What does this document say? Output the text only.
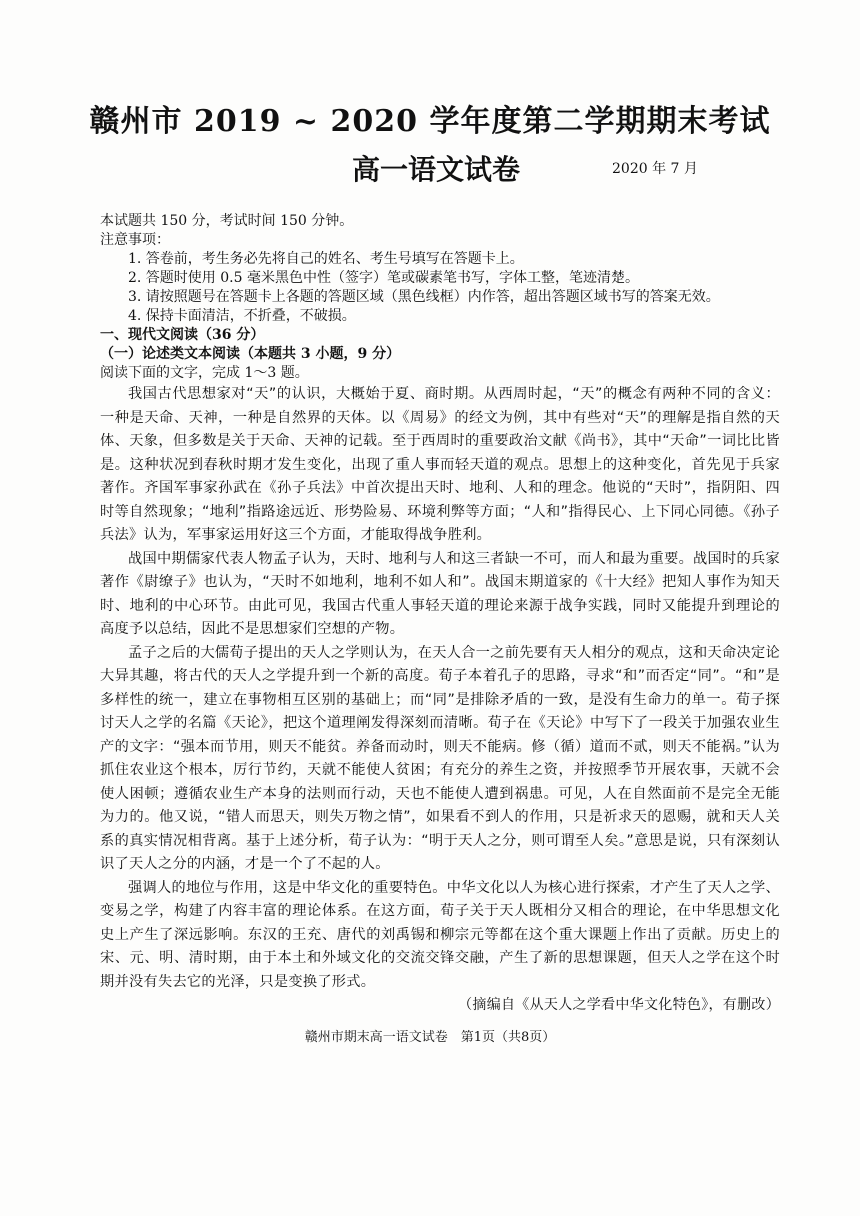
赣州市 2019 ~ 2020 学年度第二学期期末考试
高一语文试卷	2020 年 7 月

本试题共 150 分，考试时间 150 分钟。

注意事项：

1. 答卷前，考生务必先将自己的姓名、考生号填写在答题卡上。

2. 答题时使用 0.5 毫米黑色中性（签字）笔或碳素笔书写，字体工整，笔迹清楚。

3. 请按照题号在答题卡上各题的答题区域（黑色线框）内作答，超出答题区域书写的答案无效。

4. 保持卡面清洁，不折叠，不破损。

一、现代文阅读（36 分）

（一）论述类文本阅读（本题共 3 小题，9 分）

阅读下面的文字，完成 1～3 题。

我国古代思想家对“天”的认识，大概始于夏、商时期。从西周时起，“天”的概念有两种不同的含义：一种是天命、天神，一种是自然界的天体。以《周易》的经文为例，其中有些对“天”的理解是指自然的天体、天象，但多数是关于天命、天神的记载。至于西周时的重要政治文献《尚书》，其中“天命”一词比比皆是。这种状况到春秋时期才发生变化，出现了重人事而轻天道的观点。思想上的这种变化，首先见于兵家著作。齐国军事家孙武在《孙子兵法》中首次提出天时、地利、人和的理念。他说的“天时”，指阴阳、四时等自然现象；“地利”指路途远近、形势险易、环境利弊等方面；“人和”指得民心、上下同心同德。《孙子兵法》认为，军事家运用好这三个方面，才能取得战争胜利。

战国中期儒家代表人物孟子认为，天时、地利与人和这三者缺一不可，而人和最为重要。战国时的兵家著作《尉缭子》也认为，“天时不如地利，地利不如人和”。战国末期道家的《十大经》把知人事作为知天时、地利的中心环节。由此可见，我国古代重人事轻天道的理论来源于战争实践，同时又能提升到理论的高度予以总结，因此不是思想家们空想的产物。

孟子之后的大儒荀子提出的天人之学则认为，在天人合一之前先要有天人相分的观点，这和天命决定论大异其趣，将古代的天人之学提升到一个新的高度。荀子本着孔子的思路，寻求“和”而否定“同”。“和”是多样性的统一，建立在事物相互区别的基础上；而“同”是排除矛盾的一致，是没有生命力的单一。荀子探讨天人之学的名篇《天论》，把这个道理阐发得深刻而清晰。荀子在《天论》中写下了一段关于加强农业生产的文字：“强本而节用，则天不能贫。养备而动时，则天不能病。修（循）道而不贰，则天不能祸。”认为抓住农业这个根本，厉行节约，天就不能使人贫困；有充分的养生之资，并按照季节开展农事，天就不会使人困顿；遵循农业生产本身的法则而行动，天也不能使人遭到祸患。可见，人在自然面前不是完全无能为力的。他又说，“错人而思天，则失万物之情”，如果看不到人的作用，只是祈求天的恩赐，就和天人关系的真实情况相背离。基于上述分析，荀子认为：“明于天人之分，则可谓至人矣。”意思是说，只有深刻认识了天人之分的内涵，才是一个了不起的人。

强调人的地位与作用，这是中华文化的重要特色。中华文化以人为核心进行探索，才产生了天人之学、变易之学，构建了内容丰富的理论体系。在这方面，荀子关于天人既相分又相合的理论，在中华思想文化史上产生了深远影响。东汉的王充、唐代的刘禹锡和柳宗元等都在这个重大课题上作出了贡献。历史上的宋、元、明、清时期，由于本土和外域文化的交流交锋交融，产生了新的思想课题，但天人之学在这个时期并没有失去它的光泽，只是变换了形式。

（摘编自《从天人之学看中华文化特色》，有删改）
赣州市期末高一语文试卷　第1页（共8页）
